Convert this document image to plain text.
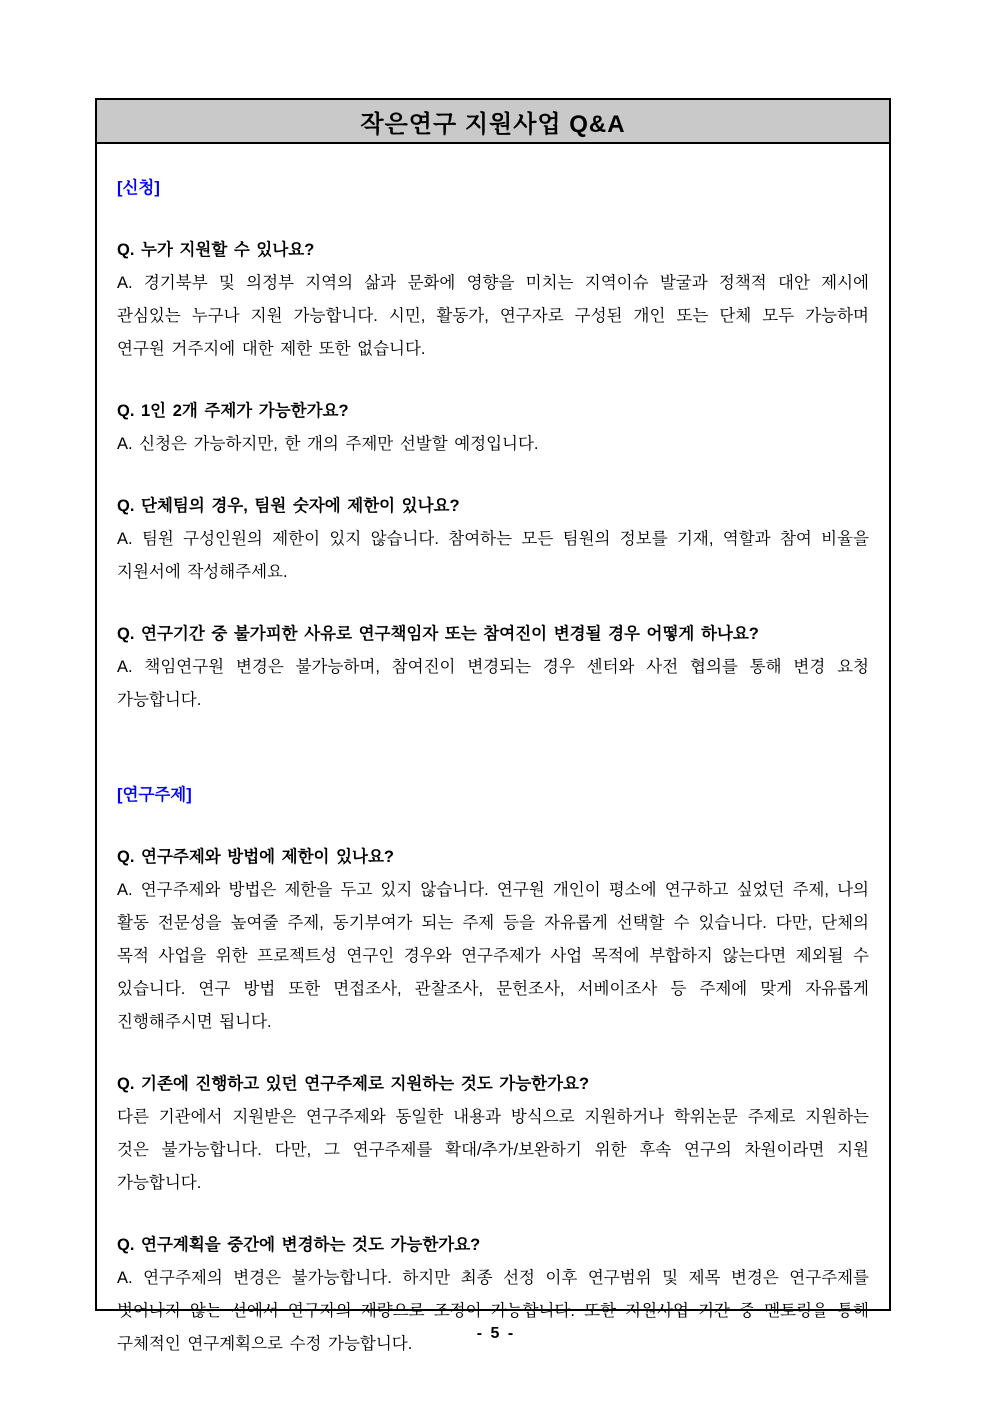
작은연구 지원사업 Q&A
[신청]
Q. 누가 지원할 수 있나요?
A. 경기북부 및 의정부 지역의 삶과 문화에 영향을 미치는 지역이슈 발굴과 정책적 대안 제시에 관심있는 누구나 지원 가능합니다. 시민, 활동가, 연구자로 구성된 개인 또는 단체 모두 가능하며 연구원 거주지에 대한 제한 또한 없습니다.
Q. 1인 2개 주제가 가능한가요?
A. 신청은 가능하지만, 한 개의 주제만 선발할 예정입니다.
Q. 단체팀의 경우, 팀원 숫자에 제한이 있나요?
A. 팀원 구성인원의 제한이 있지 않습니다. 참여하는 모든 팀원의 정보를 기재, 역할과 참여 비율을 지원서에 작성해주세요.
Q. 연구기간 중 불가피한 사유로 연구책임자 또는 참여진이 변경될 경우 어떻게 하나요?
A. 책임연구원 변경은 불가능하며, 참여진이 변경되는 경우 센터와 사전 협의를 통해 변경 요청 가능합니다.
[연구주제]
Q. 연구주제와 방법에 제한이 있나요?
A. 연구주제와 방법은 제한을 두고 있지 않습니다. 연구원 개인이 평소에 연구하고 싶었던 주제, 나의 활동 전문성을 높여줄 주제, 동기부여가 되는 주제 등을 자유롭게 선택할 수 있습니다. 다만, 단체의 목적 사업을 위한 프로젝트성 연구인 경우와 연구주제가 사업 목적에 부합하지 않는다면 제외될 수 있습니다. 연구 방법 또한 면접조사, 관찰조사, 문헌조사, 서베이조사 등 주제에 맞게 자유롭게 진행해주시면 됩니다.
Q. 기존에 진행하고 있던 연구주제로 지원하는 것도 가능한가요?
다른 기관에서 지원받은 연구주제와 동일한 내용과 방식으로 지원하거나 학위논문 주제로 지원하는 것은 불가능합니다. 다만, 그 연구주제를 확대/추가/보완하기 위한 후속 연구의 차원이라면 지원 가능합니다.
Q. 연구계획을 중간에 변경하는 것도 가능한가요?
A. 연구주제의 변경은 불가능합니다. 하지만 최종 선정 이후 연구범위 및 제목 변경은 연구주제를 벗어나지 않는 선에서 연구자의 재량으로 조정이 가능합니다. 또한 지원사업 기간 중 멘토링을 통해 구체적인 연구계획으로 수정 가능합니다.
- 5 -
